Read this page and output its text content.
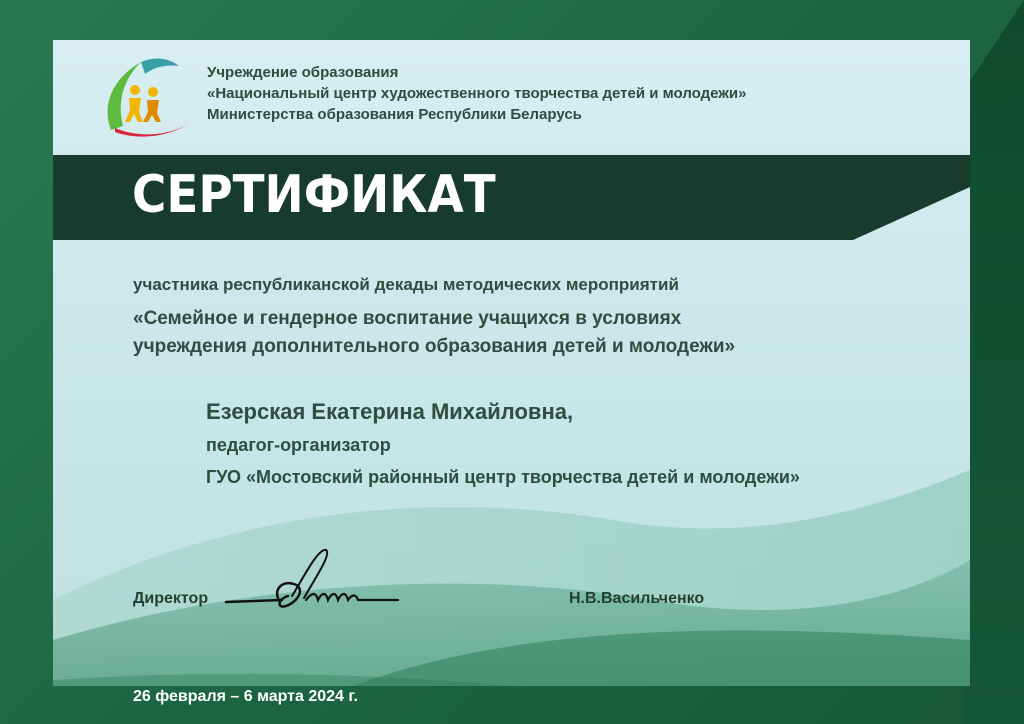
Учреждение образования
«Национальный центр художественного творчества детей и молодежи»
Министерства образования Республики Беларусь
СЕРТИФИКАТ
участника республиканской декады методических мероприятий
«Семейное и гендерное воспитание учащихся в условиях
учреждения дополнительного образования детей и молодежи»
Езерская Екатерина Михайловна,
педагог-организатор
ГУО «Мостовский районный центр творчества детей и молодежи»
Директор	Н.В.Васильченко
26 февраля – 6 марта 2024 г.
